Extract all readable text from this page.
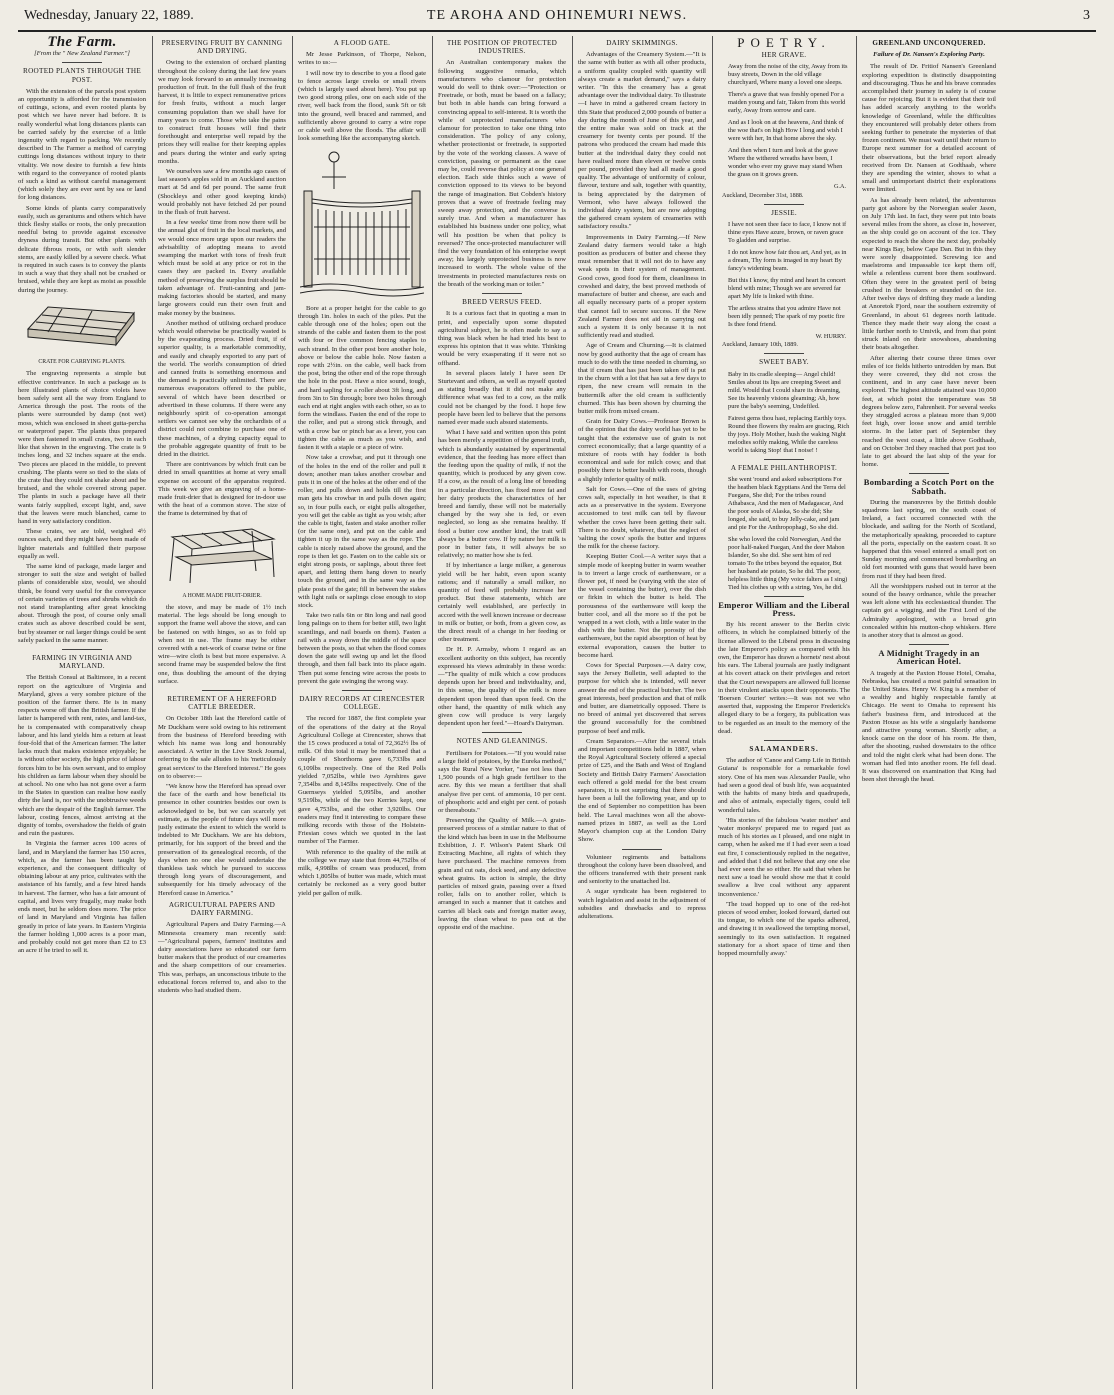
Wednesday, January 22, 1889.	TE AROHA AND OHINEMURI NEWS.	3
The Farm.
[From the " New Zealand Farmer."]
ROOTED PLANTS THROUGH THE POST.

With the extension of the parcels post system an opportunity is afforded for the transmission of cuttings, scions, and even rooted plants by post which we have never had before. It is really wonderful what long distances plants can be carried safely by the exercise of a little ingenuity with regard to packing. We recently described in The Farmer a method of carrying cuttings long distances without injury to their vitality. We now desire to furnish a few hints with regard to the conveyance of rooted plants of such a kind as without careful management (which solely they are ever sent by sea or land for long distances.

Some kinds of plants carry comparatively easily, such as geraniums and others which have thick fleshy stalks or roots, the only precaution needful being to provide against excessive dryness during transit. But other plants with delicate fibrous roots, or with soft slender stems, are easily killed by a severe check. What is required in such cases is to convey the plants in such a way that they shall not be crushed or bruised, while they are kept as moist as possible during the journey.

CRATE FOR CARRYING PLANTS.

The engraving represents a simple but effective contrivance. In such a package as is here illustrated plants of choice violets have been safely sent all the way from England to America through the post. The roots of the plants were surrounded by damp (not wet) moss, which was enclosed in sheet gutta-percha or waterproof paper. The plants thus prepared were then fastened in small crates, two in each like that shown in the engraving. The crate is 9 inches long, and 32 inches square at the ends. Two pieces are placed in the middle, to prevent crushing. The plants were so tied to the slats of the crate that they could not shake about and be bruised, and the whole covered strong paper. The plants in such a package have all their wants fairly supplied, except light, and, save that the leaves were much blanched, came to hand in very satisfactory condition.

These crates, we are told, weighed 4½ ounces each, and they might have been made of lighter materials and fulfilled their purpose equally as well.

The same kind of package, made larger and stronger to suit the size and weight of balled plants of considerable size, would, we should think, be found very useful for the conveyance of certain varieties of trees and shrubs which do not stand transplanting after great knocking about. Through the post, of course only small crates such as above described could be sent, but by steamer or rail larger things could be sent safely packed in the same manner.

FARMING IN VIRGINIA AND MARYLAND.

The British Consul at Baltimore, in a recent report on the agriculture of Virginia and Maryland, gives a very sombre picture of the position of the farmer there. He is in many respects worse off than the British farmer. If the latter is hampered with rent, rates, and land-tax, he is compensated with comparatively cheap labour, and his land yields him a return at least four-fold that of the American farmer. The latter lacks much that makes existence enjoyable; he is without other society, the high price of labour forces him to be his own servant, and to employ his children as farm labour when they should be at school. No one who has not gone over a farm in the States in question can realise how easily dirty the land is, nor with the unobtrusive weeds which are the despair of the English farmer. The labour, costing fences, almost arriving at the dignity of tombs, overshadow the fields of grain and ruin the pastures.

In Virginia the farmer acres 100 acres of land, and in Maryland the farmer has 150 acres, which, as the farmer has been taught by experience, and the consequent difficulty of obtaining labour at any price, cultivates with the assistance of his family, and a few hired hands in harvest. The farmer, who has a fair amount of capital, and lives very frugally, may make both ends meet, but he seldom does more. The price of land in Maryland and Virginia has fallen greatly in price of late years. In Eastern Virginia the farmer holding 1,000 acres is a poor man, and probably could not get more than £2 to £3 an acre if he tried to sell it.

PRESERVING FRUIT BY CANNING AND DRYING.

Owing to the extension of orchard planting throughout the colony during the last few years we may look forward to an annually increasing production of fruit. In the full flush of the fruit harvest, it is little to expect remunerative prices for fresh fruits, without a much larger consuming population than we shall have for many years to come. Those who take the pains to construct fruit houses will find their forethought and enterprise well repaid by the prices they will realise for their keeping apples and pears during the winter and early spring months.

We ourselves saw a few months ago cases of last season's apples sold in an Auckland auction mart at 5d and 6d per pound. The same fruit (Shockleys and other good keeping kinds) would probably not have fetched 2d per pound in the flush of fruit harvest.

In a few weeks' time from now there will be the annual glut of fruit in the local markets, and we would once more urge upon our readers the advisability of adopting means to avoid swamping the market with tons of fresh fruit which must be sold at any price or rot in the cases they are packed in. Every available method of preserving the surplus fruit should be taken advantage of. Fruit-canning and jam-making factories should be started, and many large growers could run their own fruit and make money by the business.

Another method of utilising orchard produce which would otherwise be practically wasted is by the evaporating process. Dried fruit, if of superior quality, is a marketable commodity, and easily and cheaply exported to any part of the world. The world's consumption of dried and canned fruits is something enormous and the demand is practically unlimited. There are numerous evaporators offered to the public, several of which have been described or advertised in these columns. If there were any neighbourly spirit of co-operation amongst settlers we cannot see why the orchardists of a district could not combine to purchase one of these machines, of a drying capacity equal to the probable aggregate quantity of fruit to be dried in the district.

There are contrivances by which fruit can be dried in small quantities at home at very small expense on account of the apparatus required. This week we give an engraving of a home-made fruit-drier that is designed for in-door use with the heat of a common stove. The size of the frame is determined by that of

A HOME MADE FRUIT-DRIER.

the stove, and may be made of 1½ inch material. The legs should be long enough to support the frame well above the stove, and can be fastened on with hinges, so as to fold up when not in use. The frame may be either covered with a net-work of coarse twine or fine wire—wire cloth is best but more expensive. A second frame may be suspended below the first one, thus doubling the amount of the drying surface.

RETIREMENT OF A HEREFORD CATTLE BREEDER.

On October 18th last the Hereford cattle of Mr Duckham were sold owing to his retirement from the business of Hereford breeding with which his name was long and honourably associated. A writer in the Live Stock Journal, referring to the sale alludes to his 'meticulously great services' to the Hereford interest." He goes on to observe:—

"We know how the Hereford has spread over the face of the earth and how beneficial its presence in other countries besides our own is acknowledged to be, but we can scarcely yet estimate, as the people of future days will more justly estimate the extent to which the world is indebted to Mr Duckham. We are his debtors, primarily, for his support of the breed and the preservation of its genealogical records, of the days when no one else would undertake the thankless task which he pursued to success through long years of discouragement, and subsequently for his timely advocacy of the Hereford cause in America."

AGRICULTURAL PAPERS AND DAIRY FARMING.

Agricultural Papers and Dairy Farming.—A Minnesota creamery man recently said:—"Agricultural papers, farmers' institutes and dairy associations have so educated our farm butter makers that the product of our creameries and the sharp competitors of our creameries. This was, perhaps, an unconscious tribute to the educational forces referred to, and also to the students who had studied them.

A FLOOD GATE.

Mr Jesse Parkinson, of Thorpe, Nelson, writes to us:—

I will now try to describe to you a flood gate to fence across large creeks or small rivers (which is largely used about here). You put up two good strong piles, one on each side of the river, well back from the flood, sunk 5ft or 6ft into the ground, well braced and rammed, and sufficiently above ground to carry a wire rope or cable well above the floods. The affair will look something like the accompanying sketch.

Bore at a proper height for the cable to go through 1in. holes in each of the piles. Put the cable through one of the holes; open out the strands of the cable and fasten them to the post with four or five common fencing staples to each strand. In the other post bore another hole, above or below the cable hole. Now fasten a rope with 2½in. on the cable, well back from the post, bring the other end of the rope through the hole in the post. Have a nice sound, tough, and hard sapling for a roller about 3ft long, and from 3in to 5in through; bore two holes through each end at right angles with each other, so as to form the windlass. Fasten the end of the rope to the roller, and put a strong stick through, and with a crow bar or pinch bar as a lever, you can tighten the cable as much as you wish, and fasten it with a staple or a piece of wire.

Now take a crowbar, and put it through one of the holes in the end of the roller and pull it down; another man takes another crowbar and puts it in one of the holes at the other end of the roller, and pulls down and holds till the first man gets his crowbar in and pulls down again; so, in four pulls each, or eight pulls altogether, you will get the cable as tight as you wish; after the cable is tight, fasten and stake another roller (or the same one), and put on the cable and tighten it up in the same way as the rope. The cable is nicely raised above the ground, and the rope is then let go. Fasten on to the cable six or eight strong posts, or saplings, about three feet apart, and letting them hang down to nearly touch the ground, and in the same way as the plate posts of the gate; fill in between the stakes with light rails or saplings close enough to stop stock.

Take two rails 6in or 8in long and nail good long palings on to them for better still, two light scantlings, and nail boards on them). Fasten a rail with a sway down the middle of the space between the posts, so that when the flood comes down the gate will swing up and let the flood through, and then fall back into its place again. Then put some fencing wire across the posts to prevent the gate swinging the wrong way.

DAIRY RECORDS AT CIRENCESTER COLLEGE.

The record for 1887, the first complete year of the operations of the dairy at the Royal Agricultural College at Cirencester, shows that the 15 cows produced a total of 72,362½ lbs of milk. Of this total it may be mentioned that a couple of Shorthorns gave 6,733lbs and 6,109lbs respectively. One of the Red Polls yielded 7,052lbs, while two Ayrshires gave 7,354lbs and 8,145lbs respectively. One of the Guernseys yielded 5,095lbs, and another 9,519lbs, while of the two Kerries kept, one gave 4,753lbs, and the other 3,920lbs. Our readers may find it interesting to compare these milking records with those of the Holstein-Friesian cows which we quoted in the last number of The Farmer.

With reference to the quality of the milk at the college we may state that from 44,752lbs of milk, 4,998lbs of cream was produced, from which 1,805lbs of butter was made, which must certainly be reckoned as a very good butter yield per gallon of milk.

THE POSITION OF PROTECTED INDUSTRIES.

An Australian contemporary makes the following suggestive remarks, which manufacturers who clamour for protection would do well to think over:—"Protection or Freetrade, or both, must be based on a fallacy; but both in able hands can bring forward a convincing appeal to self-interest. It is worth the while of unprotected manufacturers who clamour for protection to take one thing into consideration. The policy of any colony, whether protectionist or freetrade, is supported by the vote of the working classes. A wave of conviction, passing or permanent as the case may be, could reverse that policy at one general election. Each side thinks such a wave of conviction opposed to its views to be beyond the range of imagination. But Cobden's history proves that a wave of freetrade feeling may sweep away protection, and the converse is surely true. And when a manufacturer has established his business under one policy, what will his position be when that policy is reversed? The once-protected manufacturer will find the very foundation of his enterprise swept away; his largely unprotected business is now increased to worth. The whole value of the investments in protected manufactures rests on the breath of the working man or toiler."

BREED VERSUS FEED.

It is a curious fact that in quoting a man in print, and especially upon some disputed agricultural subject, he is often made to say a thing was black when he had tried his best to express his opinion that it was white. Thinking would be very exasperating if it were not so offhand.

In several places lately I have seen Dr Sturtevant and others, as well as myself quoted as stating broadly that it did not make any difference what was fed to a cow, as the milk could not be changed by the food. I hope few people have been led to believe that the persons named ever made such absurd statements.

What I have said and written upon this point has been merely a repetition of the general truth, which is abundantly sustained by experimental evidence, that the feeding has more effect than the feeding upon the quality of milk, if not the quantity, which is produced by any given cow. If a cow, as the result of a long line of breeding in a particular direction, has fixed more fat and her dairy products the characteristics of her breed and family, these will not be materially changed by the way she is fed, or even neglected, so long as she remains healthy. If food a butter cow another kind, the trait will always be a butter cow. If by nature her milk is poor in butter fats, it will always be so relatively; no matter how she is fed.

If by inheritance a large milker, a generous yield will be her habit, even upon scanty rations; and if naturally a small milker, no quantity of feed will probably increase her product. But these statements, which are certainly well established, are perfectly in accord with the well known increase or decrease in milk or butter, or both, from a given cow, as the direct result of a change in her feeding or other treatment.

Dr H. P. Armsby, whom I regard as an excellent authority on this subject, has recently expressed his views admirably in these words:—"The quality of milk which a cow produces depends upon her breed and individuality, and, in this sense, the quality of the milk is more dependent upon breed than upon feed. On the other hand, the quantity of milk which any given cow will produce is very largely dependent upon her feed."—Hoard's Dairyman.

NOTES AND GLEANINGS.

Fertilisers for Potatoes.—"If you would raise a large field of potatoes, by the Eureka method," says the Rural New Yorker, "use not less than 1,500 pounds of a high grade fertiliser to the acre. By this we mean a fertiliser that shall analyse five per cent. of ammonia, 10 per cent. of phosphoric acid and eight per cent. of potash or thereabouts."

Preserving the Quality of Milk.—A grain-preserved process of a similar nature to that of the kind which has been in use in the Melbourne Exhibition, J. F. Wilson's Patent Shark Oil Extracting Machine, all rights of which they have purchased. The machine removes from grain and cut oats, dock seed, and any defective wheat grains. Its action is simple, the dirty particles of mixed grain, passing over a fixed roller, falls on to another roller, which is arranged in such a manner that it catches and carries all black oats and foreign matter away, leaving the clean wheat to pass out at the opposite end of the machine.

DAIRY SKIMMINGS.

Advantages of the Creamery System.—"It is the same with butter as with all other products, a uniform quality coupled with quantity will always create a market demand," says a dairy writer. "In this the creamery has a great advantage over the individual dairy. To illustrate—I have in mind a gathered cream factory in this State that produced 2,000 pounds of butter a day during the month of June of this year, and the entire make was sold on track at the creamery for twenty cents per pound. If the patrons who produced the cream had made this butter at the individual dairy they could not have realised more than eleven or twelve cents per pound, provided they had all made a good quality. The advantage of uniformity of colour, flavour, texture and salt, together with quantity, is being appreciated by the dairymen of Vermont, who have always followed the individual dairy system, but are now adopting the gathered cream system of creameries with satisfactory results."

Improvements in Dairy Farming.—If New Zealand dairy farmers would take a high position as producers of butter and cheese they must remember that it will not do to have any weak spots in their system of management. Good cows, good food for them, cleanliness in cowshed and dairy, the best proved methods of manufacture of butter and cheese, are each and all equally necessary parts of a proper system that cannot fail to secure success. If the New Zealand Farmer does not aid in carrying out such a system it is only because it is not sufficiently read and studied.

Age of Cream and Churning.—It is claimed now by good authority that the age of cream has much to do with the time needed in churning, so that if cream that has just been taken off is put in the churn with a lot that has sat a few days to ripen, the new cream will remain in the buttermilk after the old cream is sufficiently churned. This has been shown by churning the butter milk from mixed cream.

Grain for Dairy Cows.—Professor Brown is of the opinion that the dairy world has yet to be taught that the extensive use of grain is not correct economically; that a large quantity of a mixture of roots with hay fodder is both economical and safe for milch cows; and that possibly there is better health with roots, though a slightly inferior quality of milk.

Salt for Cows.—One of the uses of giving cows salt, especially in hot weather, is that it acts as a preservative in the system. Everyone accustomed to test milk can tell by flavour whether the cows have been getting their salt. There is no doubt, whatever, that the neglect of 'salting the cows' spoils the butter and injures the milk for the cheese factory.

Keeping Butter Cool.—A writer says that a simple mode of keeping butter in warm weather is to invert a large crock of earthenware, or a flower pot, if need be (varying with the size of the vessel containing the butter), over the dish or firkin in which the butter is held. The porousness of the earthenware will keep the butter cool, and all the more so if the pot be wrapped in a wet cloth, with a little water in the dish with the butter. Not the porosity of the earthenware, but the rapid absorption of heat by external evaporation, causes the butter to become hard.

Cows for Special Purposes.—A dairy cow, says the Jersey Bulletin, well adapted to the purpose for which she is intended, will never answer the end of the practical butcher. The two great interests, beef production and that of milk and butter, are diametrically opposed. There is no breed of animal yet discovered that serves the ground successfully for the combined purpose of beef and milk.

Cream Separators.—After the several trials and important competitions held in 1887, when the Royal Agricultural Society offered a special prize of £25, and the Bath and West of England Society and British Dairy Farmers' Association each offered a gold medal for the best cream separators, it is not surprising that there should have been a lull the following year, and up to the end of September no competition has been held. The Laval machines won all the above-named prizes in 1887, as well as the Lord Mayor's champion cup at the London Dairy Show.

Volunteer regiments and battalions throughout the colony have been dissolved, and the officers transferred with their present rank and seniority to the unattached list.

A sugar syndicate has been registered to watch legislation and assist in the adjustment of subsidies and drawbacks and to repress adulterations.

POETRY.
HER GRAVE.

Away from the noise of the city, Away from its busy streets, Down in the old village churchyard, Where many a loved one sleeps.

There's a grave that was freshly opened For a maiden young and fair, Taken from this world early, Away from sorrow and care.

And as I look on at the heavens, And think of the woe that's on high How I long and wish I were with her, In that home above the sky.

And then when I turn and look at the grave Where the withered wreaths have been, I wonder who ever my grave may stand When the grass on it grows green.

G.A.
Auckland, December 31st, 1888.
JESSIE.

I have not seen thee face to face, I know not if thine eyes Have azure, brown, or raven grace To gladden and surprise.

I do not know how fair thou art, And yet, as in a dream, Thy form is imaged in my heart By fancy's widening beam.

But this I know, thy mind and heart In concert blend with mine; Though we are severed far apart My life is linked with thine.

The artless strains that you admire Have not been idly penned; The spark of my poetic fire Is thee fond friend.

W. HURRY.
Auckland, January 10th, 1889.
SWEET BABY.

Baby in its cradle sleeping— Angel child! Smiles about its lips are creeping Sweet and mild. Would that I could share its dreaming, See its heavenly visions gleaming; Ah, how pure the baby's seeming, Undefiled.

Fairest gems thou hast, replacing Earthly toys. Round thee flowers thy realm are gracing, Rich thy joys. Holy Mother, hush the waking Night melodies softly making, While the careless world is taking Stop! that I noise! !

A FEMALE PHILANTHROPIST.

She went 'round and asked subscriptions For the heathen black Egyptians And the Terra del Fuegans, She did; For the tribes round Athabasca, And the men of Madagascar, And the poor souls of Alaska, So she did; She longed, she said, to buy Jelly-cake, and jam and pie For the Anthropophagi, So she did.

She who loved the cold Norwegian, And the poor half-naked Fuegan, And the deer Mahon Islander, So she did. She sent him of red tomato To the tribes beyond the equator, But her husband ate potato, So he did. The poor, helpless little thing (My voice falters as I sing) Tied his clothes up with a string, Yes, he did.

Emperor William and the Liberal Press.

By his recent answer to the Berlin civic officers, in which he complained bitterly of the license allowed to the Liberal press in discussing the late Emperor's policy as compared with his own, the Emperor has drawn a hornets' nest about his ears. The Liberal journals are justly indignant at his covert attack on their privileges and retort that the Court newspapers are allowed full license in their virulent attacks upon their opponents. The 'Boersen Courier' writes:—It was not we who asserted that, supposing the Emperor Frederick's alleged diary to be a forgery, its publication was to be regarded as an insult to the memory of the dead.

SALAMANDERS.

The author of 'Canoe and Camp Life in British Guiana' is responsible for a remarkable fowl story. One of his men was Alexander Paulle, who had seen a good deal of bush life, was acquainted with the habits of many birds and quadrupeds, and also of animals, especially tigers, could tell wonderful tales.

'His stories of the fabulous 'water mother' and 'water monkeys' prepared me to regard just as much of his stories as I pleased, and one night in camp, when he asked me if I had ever seen a toad eat fire, I conscientiously replied in the negative, and added that I did not believe that any one else had ever seen the so either. He said that when he next saw a toad he would show me that it could swallow a live coal without any apparent inconvenience.'

'The toad hopped up to one of the red-hot pieces of wood ember, looked forward, darted out its tongue, to which one of the sparks adhered, and drawing it in swallowed the tempting morsel, seemingly to its own satisfaction. It regained stationary for a short space of time and then hopped mournfully away.'

GREENLAND UNCONQUERED.
Failure of Dr. Nansen's Exploring Party.

The result of Dr. Fritiof Nansen's Greenland exploring expedition is distinctly disappointing and discouraging. Thus he and his brave comrades accomplished their journey in safety is of course cause for rejoicing. But it is evident that their toil has added scarcely anything to the world's knowledge of Greenland, while the difficulties they encountered will probably deter others from seeking further to penetrate the mysteries of that frozen continent. We must wait until their return to Europe next summer for a detailed account of their observations, but the brief report already received from Dr. Nansen at Godthaab, where they are spending the winter, shows to what a small and unimportant district their explorations were limited.

As has already been related, the adventurous party got ashore by the Norwegian sealer Jason, on July 17th last. In fact, they were put into boats several miles from the shore, as close in, however, as the ship could go on account of the ice. They expected to reach the shore the next day, probably near Kings Bay, below Cape Dan. But in this they were sorely disappointed. Screwing ice and maelstroms and impassable ice kept them off, while a relentless current bore them southward. Often they were in the greatest peril of being crushed in the breakers or stranded on the ice. After twelve days of drifting they made a landing at Anoretok Fjord, near the southern extremity of Greenland, in about 61 degrees north latitude. Thence they made their way along the coast a little further north to Umivik, and from that point struck inland on their snowshoes, abandoning their boats altogether.

After altering their course three times over miles of ice fields hitherto untrodden by man. But they were covered, they did not cross the continent, and in any case have never been explored. The highest altitude attained was 10,000 feet, at which point the temperature was 58 degrees below zero, Fahrenheit. For several weeks they struggled across a plateau more than 9,000 feet high, over loose snow and amid terrible storms. In the latter part of September they reached the west coast, a little above Godthaab, and on October 3rd they reached that port just too late to get aboard the last ship of the year for home.

Bombarding a Scotch Port on the Sabbath.

During the manœuvres by the British double squadrons last spring, on the south coast of Ireland, a fact occurred connected with the blockade, and sailing for the North of Scotland, the metaphorically speaking, proceeded to capture all the ports, especially on the eastern coast. It so happened that this vessel entered a small port on Sunday morning and commenced bombarding an old fort mounted with guns that would have been from rust if they had been fired.

All the worshippers rushed out in terror at the sound of the heavy ordnance, while the preacher was left alone with his ecclesiastical thunder. The captain got a wigging, and the First Lord of the Admiralty apologized, with a broad grin concealed within his mutton-chop whiskers. Here is another story that is almost as good.

A Midnight Tragedy in an American Hotel.

A tragedy at the Paxton House Hotel, Omaha, Nebraska, has created a most painful sensation in the United States. Henry W. King is a member of a wealthy and highly respectable family at Chicago. He went to Omaha to represent his father's business firm, and introduced at the Paxton House as his wife a singularly handsome and attractive young woman. Shortly after, a knock came on the door of his room. He then, after the shooting, rushed downstairs to the office and told the night clerk what had been done. The woman had fled into another room. He fell dead. It was discovered on examination that King had been shot through the head.
